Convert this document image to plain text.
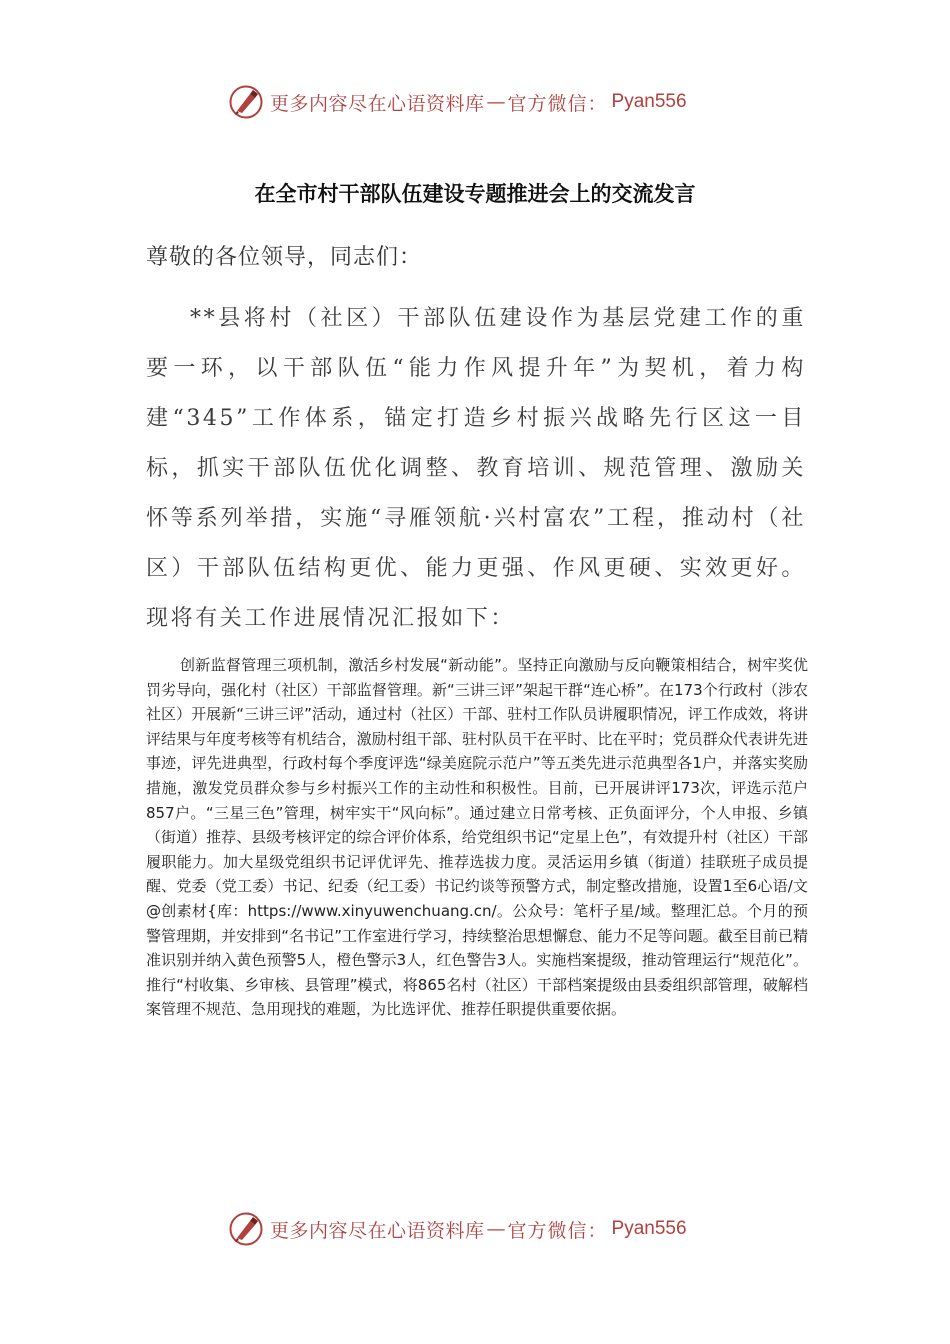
更多内容尽在心语资料库 — 官方微信： Pyan556
在全市村干部队伍建设专题推进会上的交流发言
尊敬的各位领导，同志们：

**县将村（社区）干部队伍建设作为基层党建工作的重要一环，以干部队伍“能力作风提升年”为契机，着力构建“345”工作体系，锚定打造乡村振兴战略先行区这一目标，抓实干部队伍优化调整、教育培训、规范管理、激励关怀等系列举措，实施“寻雁领航·兴村富农”工程，推动村（社区）干部队伍结构更优、能力更强、作风更硬、实效更好。现将有关工作进展情况汇报如下：

创新监督管理三项机制，激活乡村发展“新动能”。坚持正向激励与反向鞭策相结合，树牢奖优罚劣导向，强化村（社区）干部监督管理。新“三讲三评”架起干群“连心桥”。在173个行政村（涉农社区）开展新“三讲三评”活动，通过村（社区）干部、驻村工作队员讲履职情况，评工作成效，将讲评结果与年度考核等有机结合，激励村组干部、驻村队员干在平时、比在平时；党员群众代表讲先进事迹，评先进典型，行政村每个季度评选“绿美庭院示范户”等五类先进示范典型各1户，并落实奖励措施，激发党员群众参与乡村振兴工作的主动性和积极性。目前，已开展讲评173次，评选示范户857户。“三星三色”管理，树牢实干“风向标”。通过建立日常考核、正负面评分，个人申报、乡镇（街道）推荐、县级考核评定的综合评价体系，给党组织书记“定星上色”，有效提升村（社区）干部履职能力。加大星级党组织书记评优评先、推荐选拔力度。灵活运用乡镇（街道）挂联班子成员提醒、党委（党工委）书记、纪委（纪工委）书记约谈等预警方式，制定整改措施，设置1至6心语/文@创素材{库：https://www.xinyuwenchuang.cn/。公众号：笔杆子星/域。整理汇总。个月的预警管理期，并安排到“名书记”工作室进行学习，持续整治思想懈怠、能力不足等问题。截至目前已精准识别并纳入黄色预警5人，橙色警示3人，红色警告3人。实施档案提级，推动管理运行“规范化”。推行“村收集、乡审核、县管理”模式，将865名村（社区）干部档案提级由县委组织部管理，破解档案管理不规范、急用现找的难题，为比选评优、推荐任职提供重要依据。

更多内容尽在心语资料库 — 官方微信： Pyan556
